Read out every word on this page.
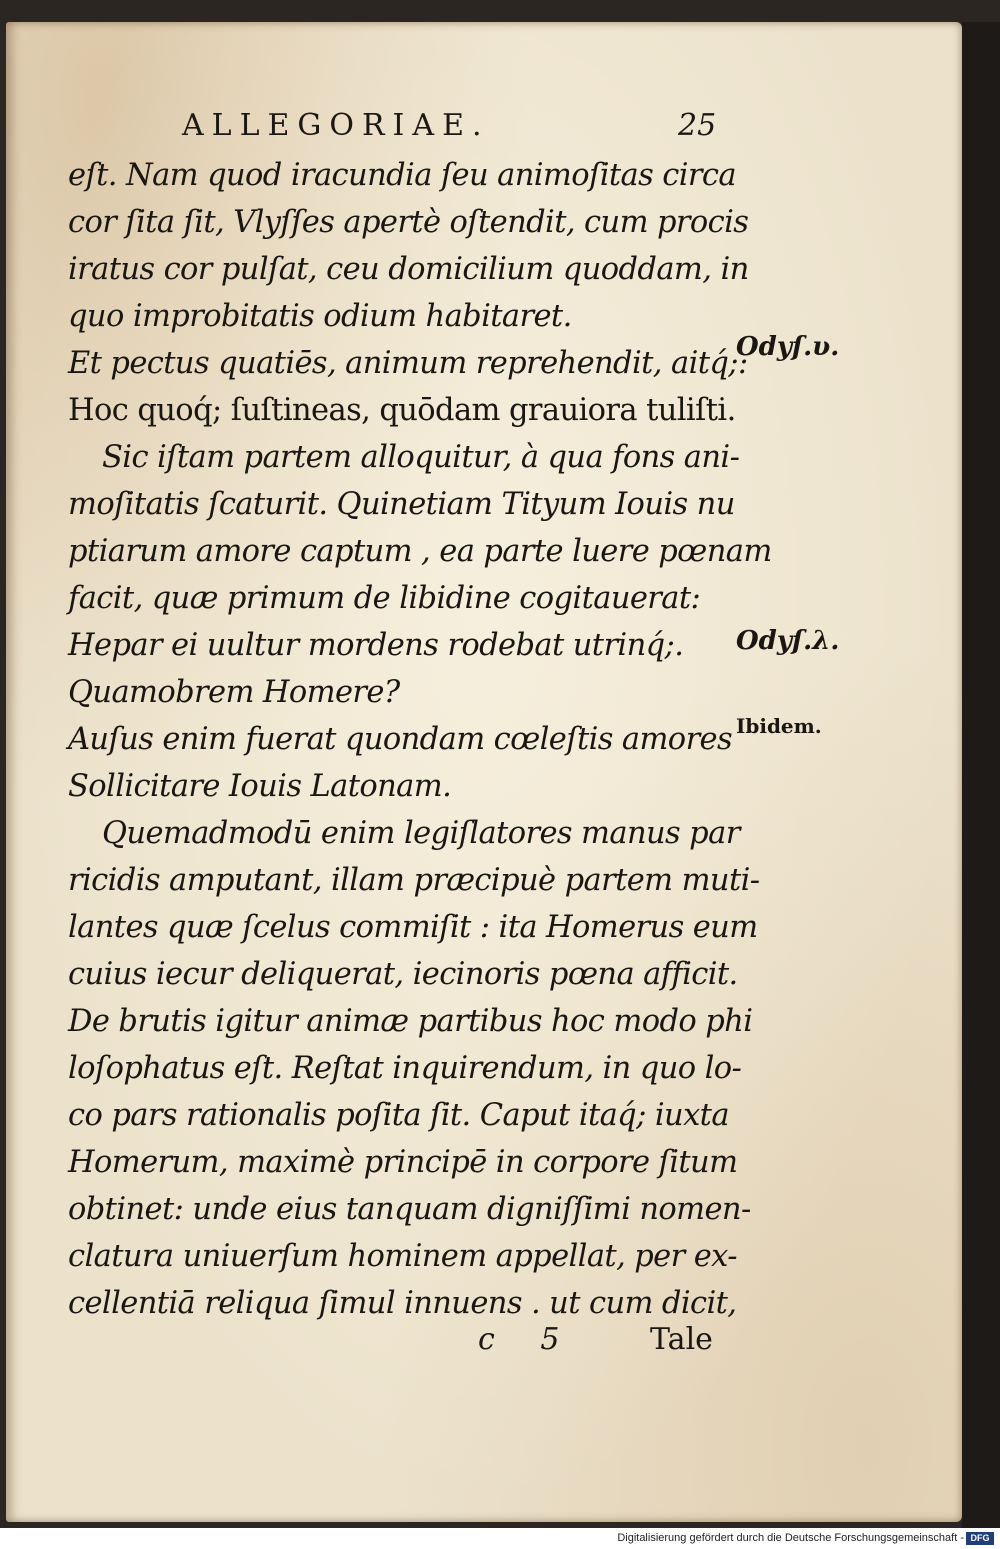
ALLEGORIAE.	25
eſt. Nam quod iracundia ſeu animoſitas circa
cor ſita ſit, Vlyſſes apertè oſtendit, cum procis
iratus cor pulſat, ceu domicilium quoddam, in
quo improbitatis odium habitaret.
Et pectus quatiēs, animum reprehendit, aitq́;:
Hoc quoq́; ſuſtineas, quōdam grauiora tuliſti.
Sic iſtam partem alloquitur, à qua fons ani-
moſitatis ſcaturit. Quinetiam Tityum Iouis nu
ptiarum amore captum , ea parte luere pœnam
facit, quæ primum de libidine cogitauerat:
Hepar ei uultur mordens rodebat utrinq́;.
Quamobrem Homere?
Auſus enim fuerat quondam cœleſtis amores
Sollicitare Iouis Latonam.
Quemadmodū enim legiſlatores manus par
ricidis amputant, illam præcipuè partem muti-
lantes quæ ſcelus commiſit : ita Homerus eum
cuius iecur deliquerat, iecinoris pœna afficit.
De brutis igitur animæ partibus hoc modo phi
loſophatus eſt. Reſtat inquirendum, in quo lo-
co pars rationalis poſita ſit. Caput itaq́; iuxta
Homerum, maximè principē in corpore ſitum
obtinet: unde eius tanquam digniſſimi nomen-
clatura uniuerſum hominem appellat, per ex-
cellentiā reliqua ſimul innuens . ut cum dicit,
Odyſ.υ.
Odyſ.λ.
Ibidem.
c 5 Tale
Digitalisierung gefördert durch die Deutsche Forschungsgemeinschaft - DFG
